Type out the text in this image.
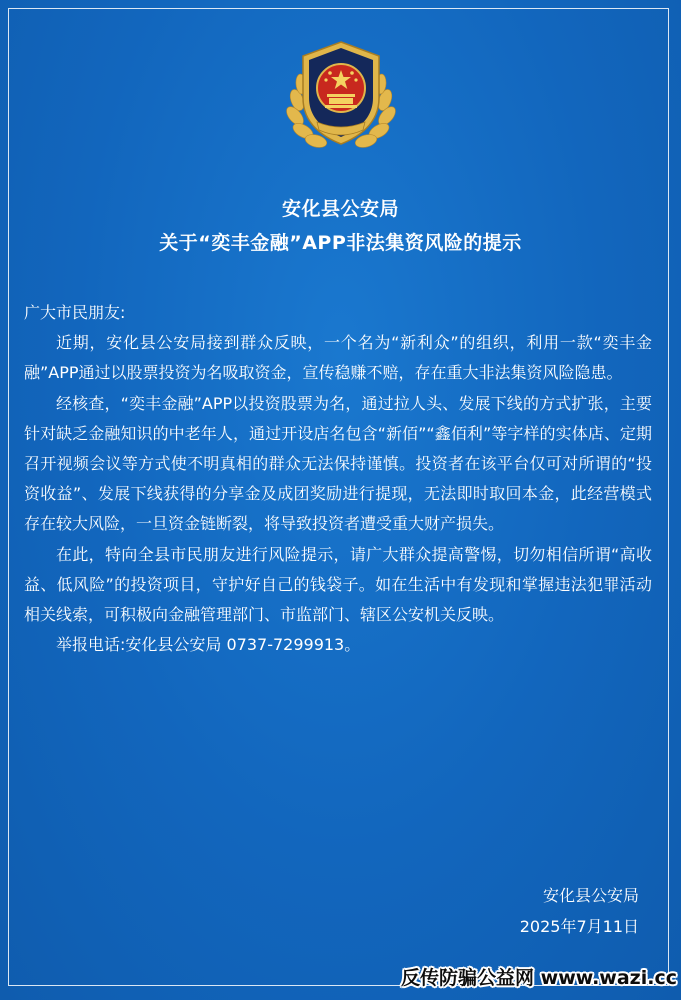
安化县公安局
关于“奕丰金融”APP非法集资风险的提示

广大市民朋友:

近期，安化县公安局接到群众反映，一个名为“新利众”的组织，利用一款“奕丰金融”APP通过以股票投资为名吸取资金，宣传稳赚不赔，存在重大非法集资风险隐患。

经核查，“奕丰金融”APP以投资股票为名，通过拉人头、发展下线的方式扩张，主要针对缺乏金融知识的中老年人，通过开设店名包含“新佰”“鑫佰利”等字样的实体店、定期召开视频会议等方式使不明真相的群众无法保持谨慎。投资者在该平台仅可对所谓的“投资收益”、发展下线获得的分享金及成团奖励进行提现，无法即时取回本金，此经营模式存在较大风险，一旦资金链断裂，将导致投资者遭受重大财产损失。

在此，特向全县市民朋友进行风险提示，请广大群众提高警惕，切勿相信所谓“高收益、低风险”的投资项目，守护好自己的钱袋子。如在生活中有发现和掌握违法犯罪活动相关线索，可积极向金融管理部门、市监部门、辖区公安机关反映。

举报电话:安化县公安局 0737-7299913。

安化县公安局
2025年7月11日
反传防骗公益网 www.wazi.cc
